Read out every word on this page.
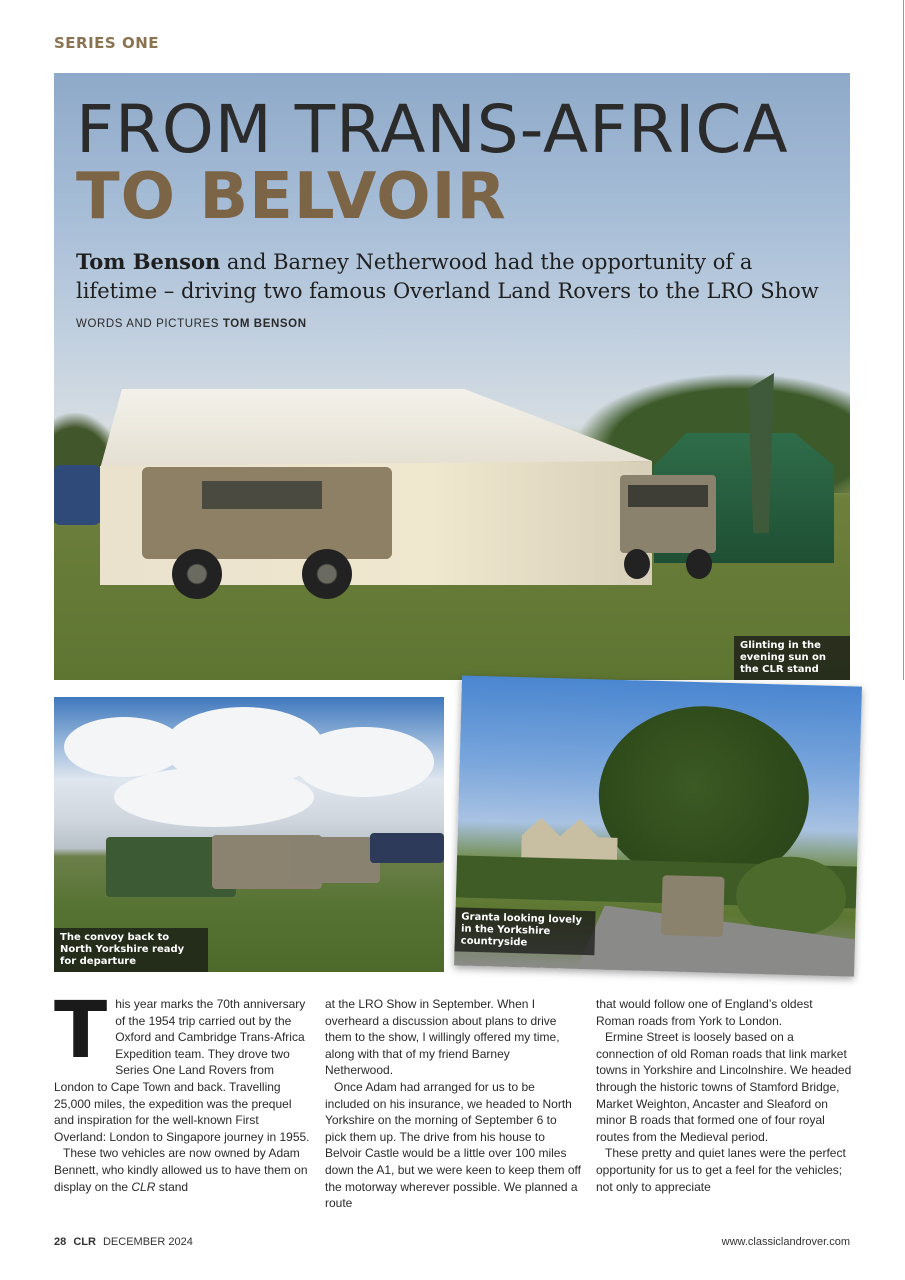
SERIES ONE
FROM TRANS-AFRICA
TO BELVOIR
Tom Benson and Barney Netherwood had the opportunity of a lifetime – driving two famous Overland Land Rovers to the LRO Show
WORDS AND PICTURES TOM BENSON
Glinting in the evening sun on the CLR stand
The convoy back to North Yorkshire ready for departure
Granta looking lovely in the Yorkshire countryside
T his year marks the 70th anniversary of the 1954 trip carried out by the Oxford and Cambridge Trans-Africa Expedition team. They drove two Series One Land Rovers from London to Cape Town and back. Travelling 25,000 miles, the expedition was the prequel and inspiration for the well-known First Overland: London to Singapore journey in 1955.

These two vehicles are now owned by Adam Bennett, who kindly allowed us to have them on display on the CLR stand

at the LRO Show in September. When I overheard a discussion about plans to drive them to the show, I willingly offered my time, along with that of my friend Barney Netherwood.

Once Adam had arranged for us to be included on his insurance, we headed to North Yorkshire on the morning of September 6 to pick them up. The drive from his house to Belvoir Castle would be a little over 100 miles down the A1, but we were keen to keep them off the motorway wherever possible. We planned a route

that would follow one of England’s oldest Roman roads from York to London.

Ermine Street is loosely based on a connection of old Roman roads that link market towns in Yorkshire and Lincolnshire. We headed through the historic towns of Stamford Bridge, Market Weighton, Ancaster and Sleaford on minor B roads that formed one of four royal routes from the Medieval period.

These pretty and quiet lanes were the perfect opportunity for us to get a feel for the vehicles; not only to appreciate

28 CLR DECEMBER 2024	www.classiclandrover.com
